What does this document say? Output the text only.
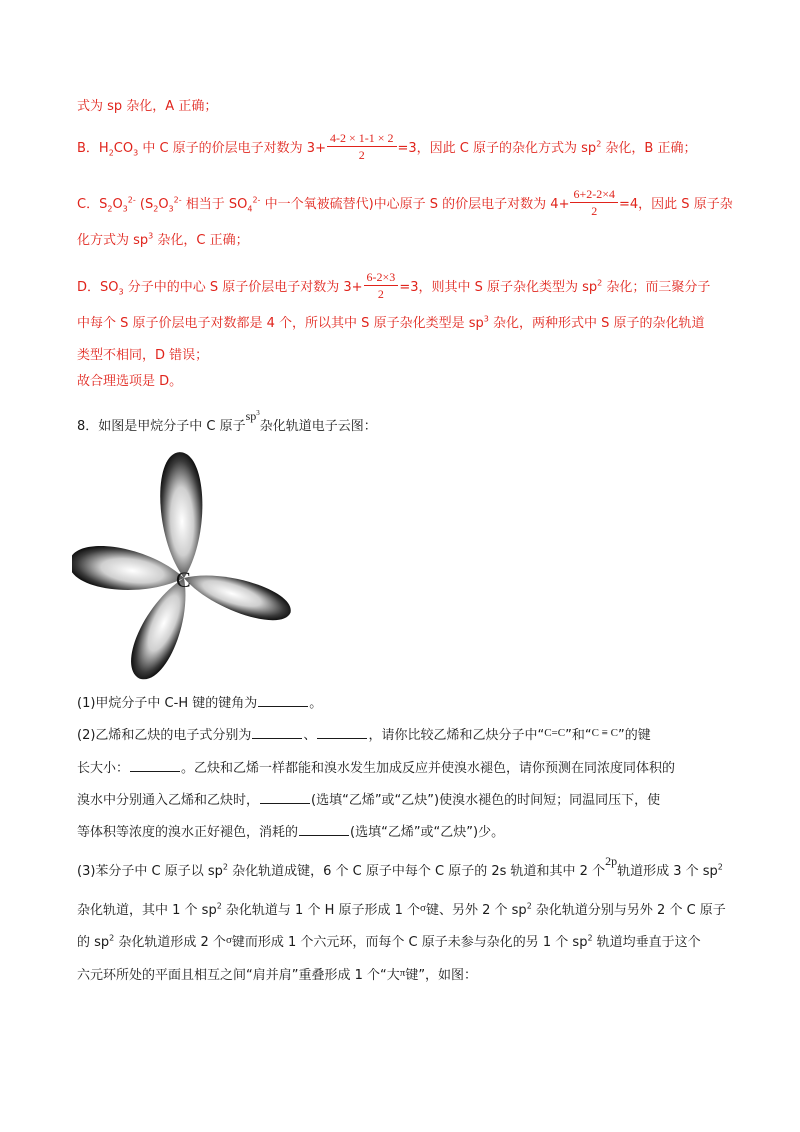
式为 sp 杂化，A 正确；
B．$H_2CO_3$ 中 C 原子的价层电子对数为 $3+ \frac{4-2 \times 1-1 \times 2}{2} =3$，因此 C 原子的杂化方式为 $sp^2$ 杂化，B 正确；
C．$S_2O_3^{2-}$ ($S_2O_3^{2-}$ 相当于 $SO_4^{2-}$ 中一个氧被硫替代)中心原子 S 的价层电子对数为 $4+ \frac{6+2-2\times 4}{2} =4$，因此 S 原子杂
化方式为 $sp^3$ 杂化，C 正确；
D．$SO_3$ 分子中的中心 S 原子价层电子对数为 $3+ \frac{6-2\times 3}{2} =3$，则其中 S 原子杂化类型为 $sp^2$ 杂化；而三聚分子
中每个 S 原子价层电子对数都是 4 个，所以其中 S 原子杂化类型是 $sp^3$ 杂化，两种形式中 S 原子的杂化轨道
类型不相同，D 错误；
故合理选项是 D。
8．如图是甲烷分子中 C 原子$sp^3$杂化轨道电子云图：
C
(1)甲烷分子中 C-H 键的键角为	。
(2)乙烯和乙炔的电子式分别为	、	，请你比较乙烯和乙炔分子中“$^{C=C}$”和“$^{C \equiv C}$”的键
长大小：	。乙炔和乙烯一样都能和溴水发生加成反应并使溴水褪色，请你预测在同浓度同体积的
溴水中分别通入乙烯和乙炔时，	(选填“乙烯”或“乙炔”)使溴水褪色的时间短；同温同压下，使
等体积等浓度的溴水正好褪色，消耗的	(选填“乙烯”或“乙炔”)少。
(3)苯分子中 C 原子以 $sp^2$ 杂化轨道成键，6 个 C 原子中每个 C 原子的 2s 轨道和其中 2 个2p轨道形成 3 个 $sp^2$
杂化轨道，其中 1 个 $sp^2$ 杂化轨道与 1 个 H 原子形成 1 个$^\sigma$键、另外 2 个 $sp^2$ 杂化轨道分别与另外 2 个 C 原子
的 $sp^2$ 杂化轨道形成 2 个$^\sigma$键而形成 1 个六元环，而每个 C 原子未参与杂化的另 1 个 $sp^2$ 轨道均垂直于这个
六元环所处的平面且相互之间“肩并肩”重叠形成 1 个“大$^\pi$键”，如图：
